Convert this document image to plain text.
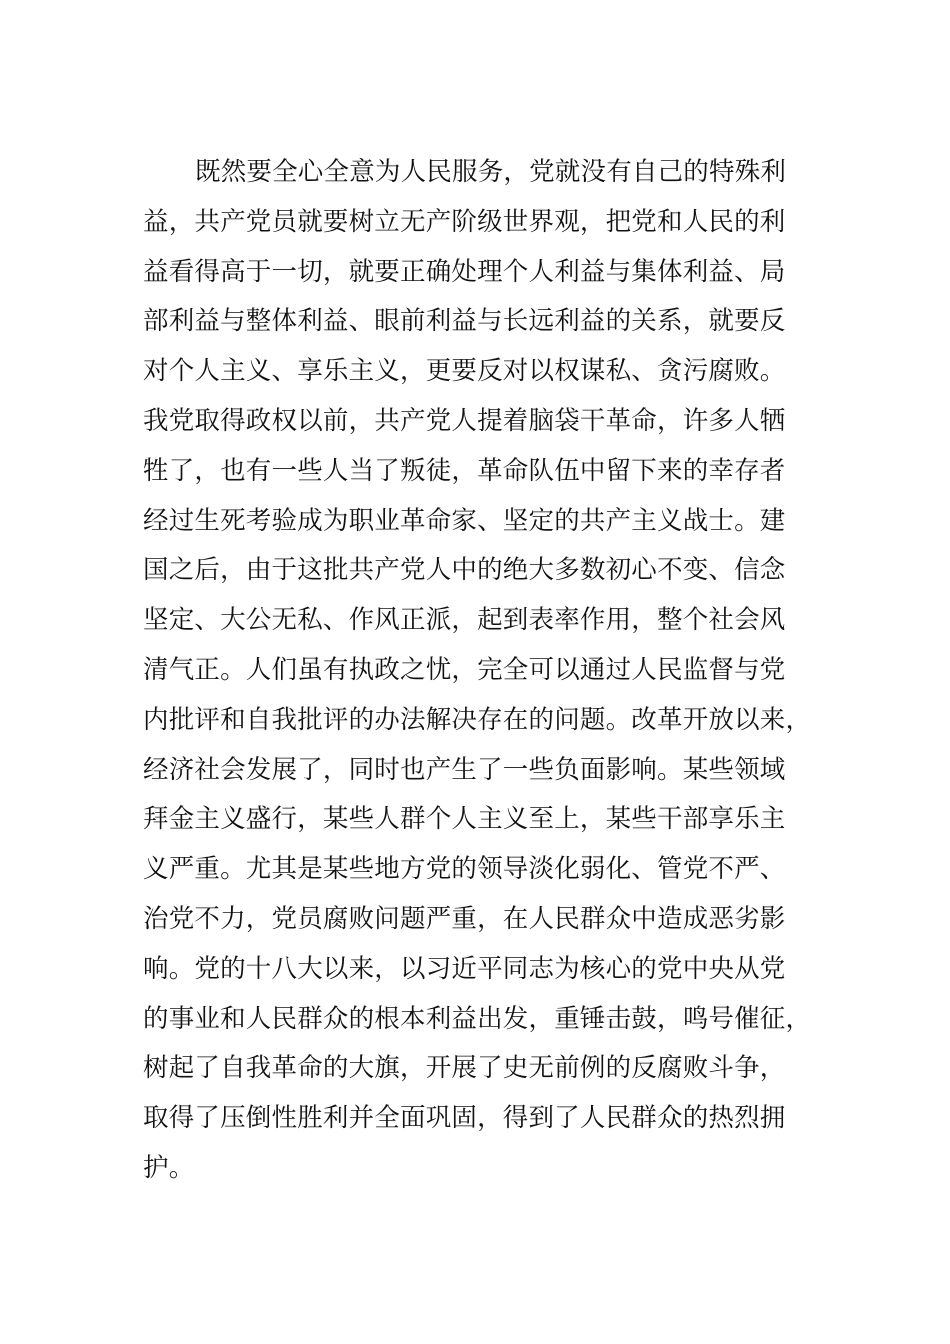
既然要全心全意为人民服务，党就没有自己的特殊利
益，共产党员就要树立无产阶级世界观，把党和人民的利
益看得高于一切，就要正确处理个人利益与集体利益、局
部利益与整体利益、眼前利益与长远利益的关系，就要反
对个人主义、享乐主义，更要反对以权谋私、贪污腐败。
我党取得政权以前，共产党人提着脑袋干革命，许多人牺
牲了，也有一些人当了叛徒，革命队伍中留下来的幸存者
经过生死考验成为职业革命家、坚定的共产主义战士。建
国之后，由于这批共产党人中的绝大多数初心不变、信念
坚定、大公无私、作风正派，起到表率作用，整个社会风
清气正。人们虽有执政之忧，完全可以通过人民监督与党
内批评和自我批评的办法解决存在的问题。改革开放以来，
经济社会发展了，同时也产生了一些负面影响。某些领域
拜金主义盛行，某些人群个人主义至上，某些干部享乐主
义严重。尤其是某些地方党的领导淡化弱化、管党不严、
治党不力，党员腐败问题严重，在人民群众中造成恶劣影
响。党的十八大以来，以习近平同志为核心的党中央从党
的事业和人民群众的根本利益出发，重锤击鼓，鸣号催征，
树起了自我革命的大旗，开展了史无前例的反腐败斗争，
取得了压倒性胜利并全面巩固，得到了人民群众的热烈拥
护。
